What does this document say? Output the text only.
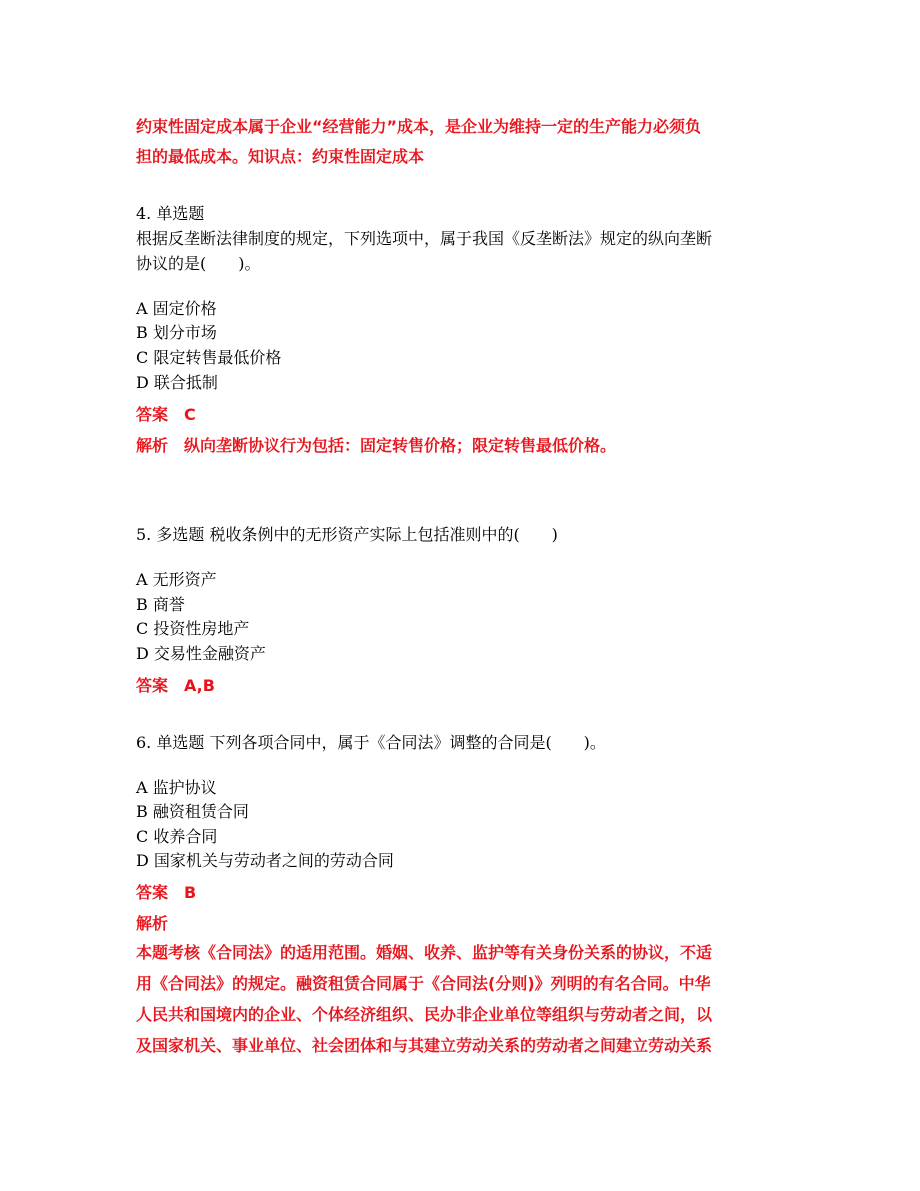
约束性固定成本属于企业“经营能力”成本，是企业为维持一定的生产能力必须负
担的最低成本。知识点：约束性固定成本
4. 单选题
根据反垄断法律制度的规定，下列选项中，属于我国《反垄断法》规定的纵向垄断
协议的是(　　)。
A 固定价格
B 划分市场
C 限定转售最低价格
D 联合抵制
答案　C
解析　纵向垄断协议行为包括：固定转售价格；限定转售最低价格。
5. 多选题 税收条例中的无形资产实际上包括准则中的(　　)
A 无形资产
B 商誉
C 投资性房地产
D 交易性金融资产
答案　A,B
6. 单选题 下列各项合同中，属于《合同法》调整的合同是(　　)。
A 监护协议
B 融资租赁合同
C 收养合同
D 国家机关与劳动者之间的劳动合同
答案　B
解析
本题考核《合同法》的适用范围。婚姻、收养、监护等有关身份关系的协议，不适
用《合同法》的规定。融资租赁合同属于《合同法(分则)》列明的有名合同。中华
人民共和国境内的企业、个体经济组织、民办非企业单位等组织与劳动者之间，以
及国家机关、事业单位、社会团体和与其建立劳动关系的劳动者之间建立劳动关系
